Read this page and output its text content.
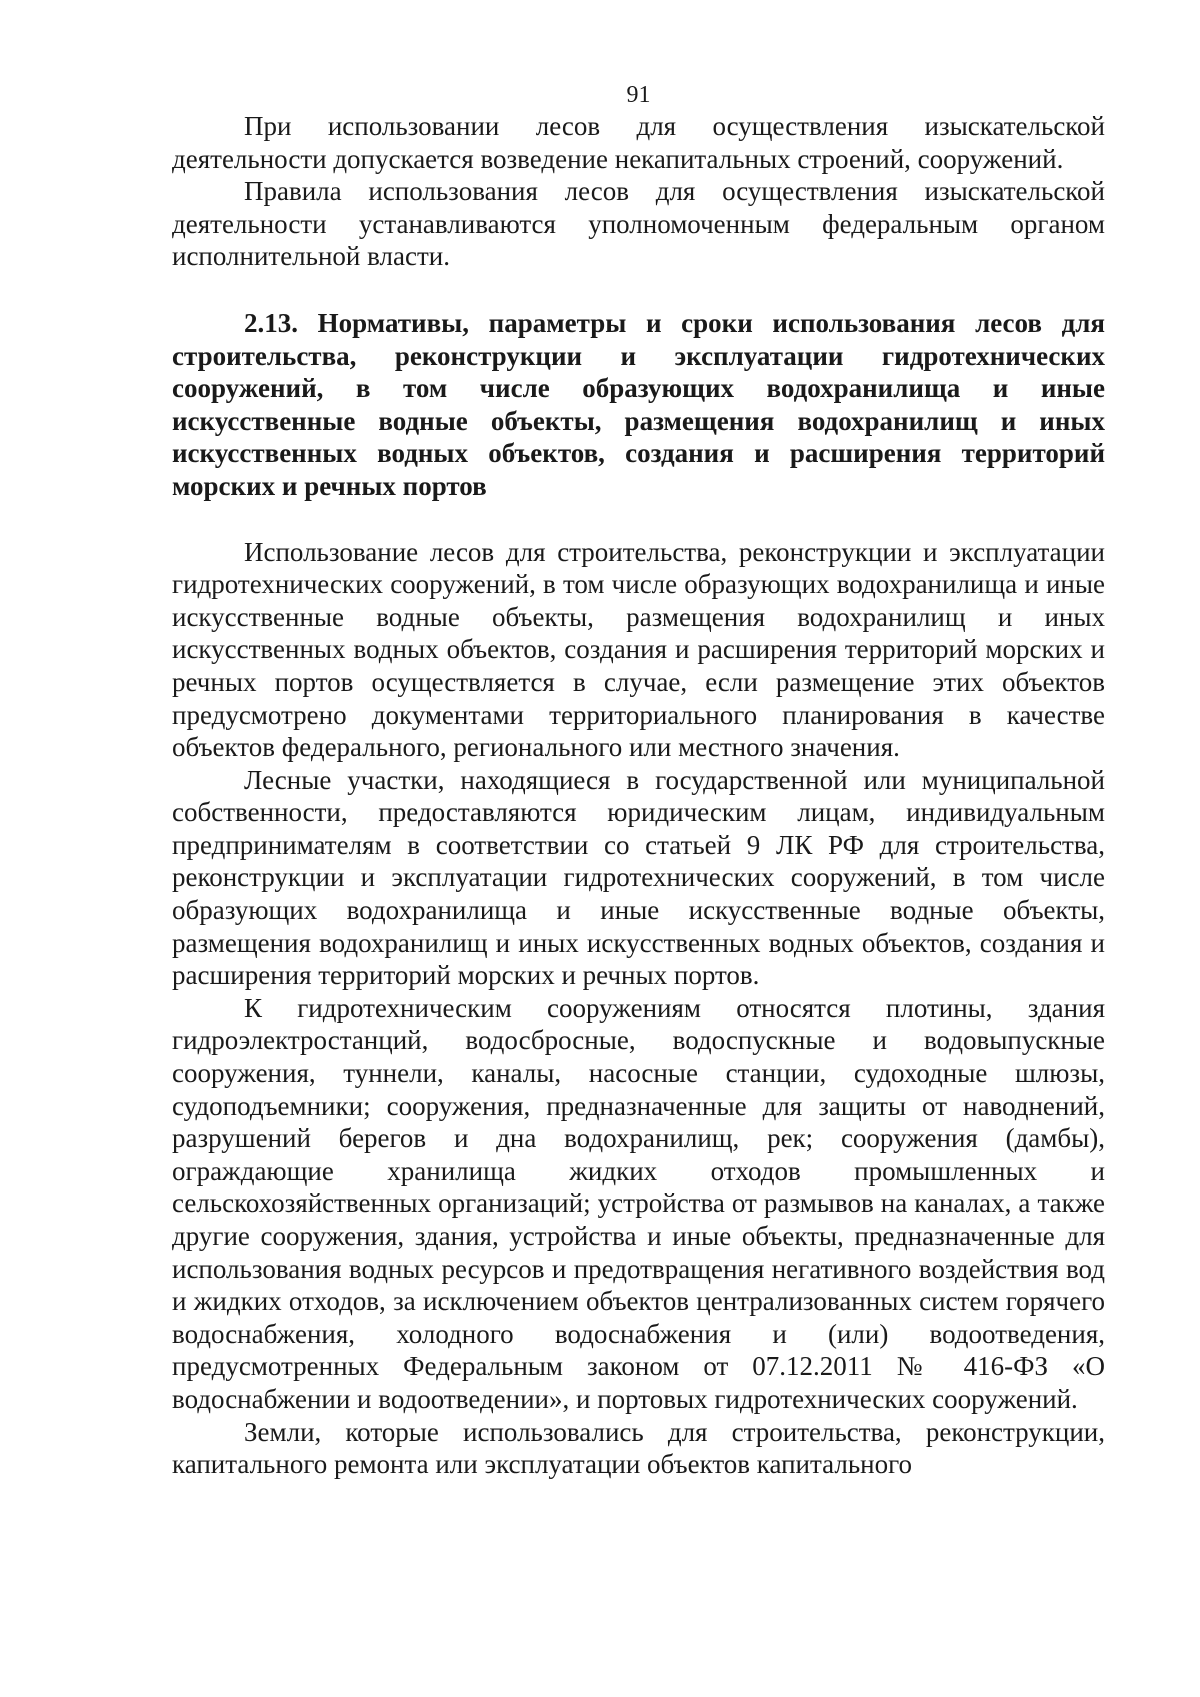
91

При использовании лесов для осуществления изыскательской деятельности допускается возведение некапитальных строений, сооружений.

Правила использования лесов для осуществления изыскательской деятельности устанавливаются уполномоченным федеральным органом исполнительной власти.

2.13. Нормативы, параметры и сроки использования лесов для строительства, реконструкции и эксплуатации гидротехнических сооружений, в том числе образующих водохранилища и иные искусственные водные объекты, размещения водохранилищ и иных искусственных водных объектов, создания и расширения территорий морских и речных портов

Использование лесов для строительства, реконструкции и эксплуатации гидротехнических сооружений, в том числе образующих водохранилища и иные искусственные водные объекты, размещения водохранилищ и иных искусственных водных объектов, создания и расширения территорий морских и речных портов осуществляется в случае, если размещение этих объектов предусмотрено документами территориального планирования в качестве объектов федерального, регионального или местного значения.

Лесные участки, находящиеся в государственной или муниципальной собственности, предоставляются юридическим лицам, индивидуальным предпринимателям в соответствии со статьей 9 ЛК РФ для строительства, реконструкции и эксплуатации гидротехнических сооружений, в том числе образующих водохранилища и иные искусственные водные объекты, размещения водохранилищ и иных искусственных водных объектов, создания и расширения территорий морских и речных портов.

К гидротехническим сооружениям относятся плотины, здания гидроэлектростанций, водосбросные, водоспускные и водовыпускные сооружения, туннели, каналы, насосные станции, судоходные шлюзы, судоподъемники; сооружения, предназначенные для защиты от наводнений, разрушений берегов и дна водохранилищ, рек; сооружения (дамбы), ограждающие хранилища жидких отходов промышленных и сельскохозяйственных организаций; устройства от размывов на каналах, а также другие сооружения, здания, устройства и иные объекты, предназначенные для использования водных ресурсов и предотвращения негативного воздействия вод и жидких отходов, за исключением объектов централизованных систем горячего водоснабжения, холодного водоснабжения и (или) водоотведения, предусмотренных Федеральным законом от 07.12.2011 № 416-ФЗ «О водоснабжении и водоотведении», и портовых гидротехнических сооружений.

Земли, которые использовались для строительства, реконструкции, капитального ремонта или эксплуатации объектов капитального
